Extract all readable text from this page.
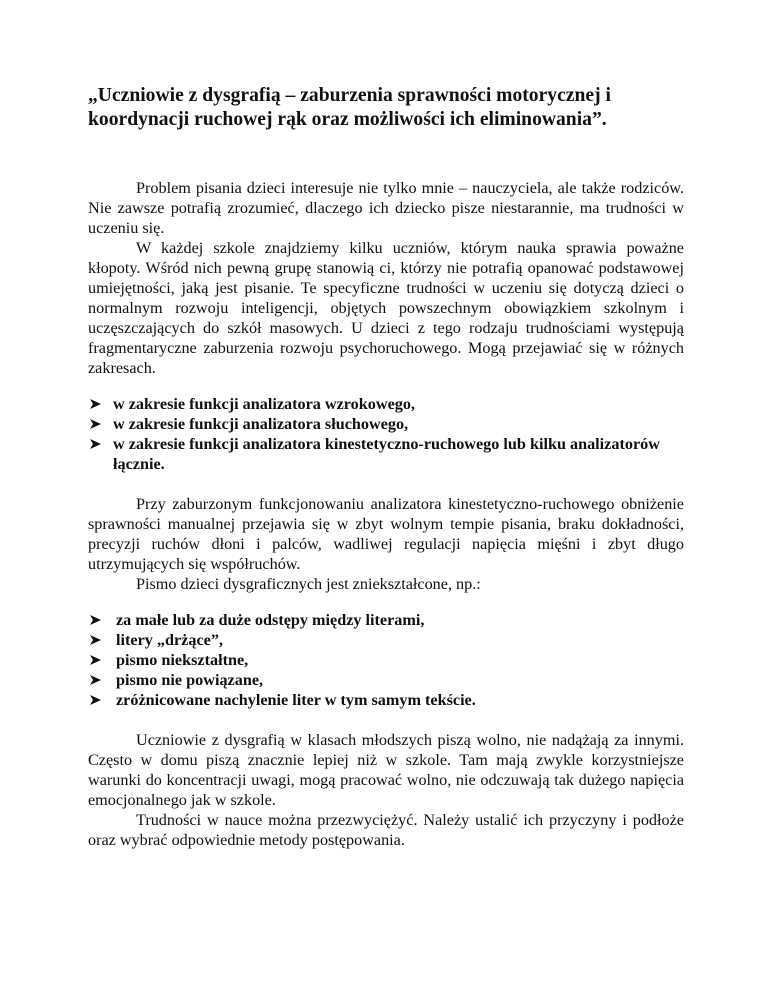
„Uczniowie z dysgrafią – zaburzenia sprawności motorycznej i
koordynacji ruchowej rąk oraz możliwości ich eliminowania”.

Problem pisania dzieci interesuje nie tylko mnie – nauczyciela, ale także rodziców. Nie zawsze potrafią zrozumieć, dlaczego ich dziecko pisze niestarannie, ma trudności w uczeniu się.

W każdej szkole znajdziemy kilku uczniów, którym nauka sprawia poważne kłopoty. Wśród nich pewną grupę stanowią ci, którzy nie potrafią opanować podstawowej umiejętności, jaką jest pisanie. Te specyficzne trudności w uczeniu się dotyczą dzieci o normalnym rozwoju inteligencji, objętych powszechnym obowiązkiem szkolnym i uczęszczających do szkół masowych. U dzieci z tego rodzaju trudnościami występują fragmentaryczne zaburzenia rozwoju psychoruchowego. Mogą przejawiać się w różnych zakresach.

w zakresie funkcji analizatora wzrokowego,
w zakresie funkcji analizatora słuchowego,
w zakresie funkcji analizatora kinestetyczno-ruchowego lub kilku analizatorów łącznie.

Przy zaburzonym funkcjonowaniu analizatora kinestetyczno-ruchowego obniżenie sprawności manualnej przejawia się w zbyt wolnym tempie pisania, braku dokładności, precyzji ruchów dłoni i palców, wadliwej regulacji napięcia mięśni i zbyt długo utrzymujących się współruchów.

Pismo dzieci dysgraficznych jest zniekształcone, np.:

za małe lub za duże odstępy między literami,
litery „drżące”,
pismo niekształtne,
pismo nie powiązane,
zróżnicowane nachylenie liter w tym samym tekście.

Uczniowie z dysgrafią w klasach młodszych piszą wolno, nie nadążają za innymi. Często w domu piszą znacznie lepiej niż w szkole. Tam mają zwykle korzystniejsze warunki do koncentracji uwagi, mogą pracować wolno, nie odczuwają tak dużego napięcia emocjonalnego jak w szkole.

Trudności w nauce można przezwyciężyć. Należy ustalić ich przyczyny i podłoże oraz wybrać odpowiednie metody postępowania.
